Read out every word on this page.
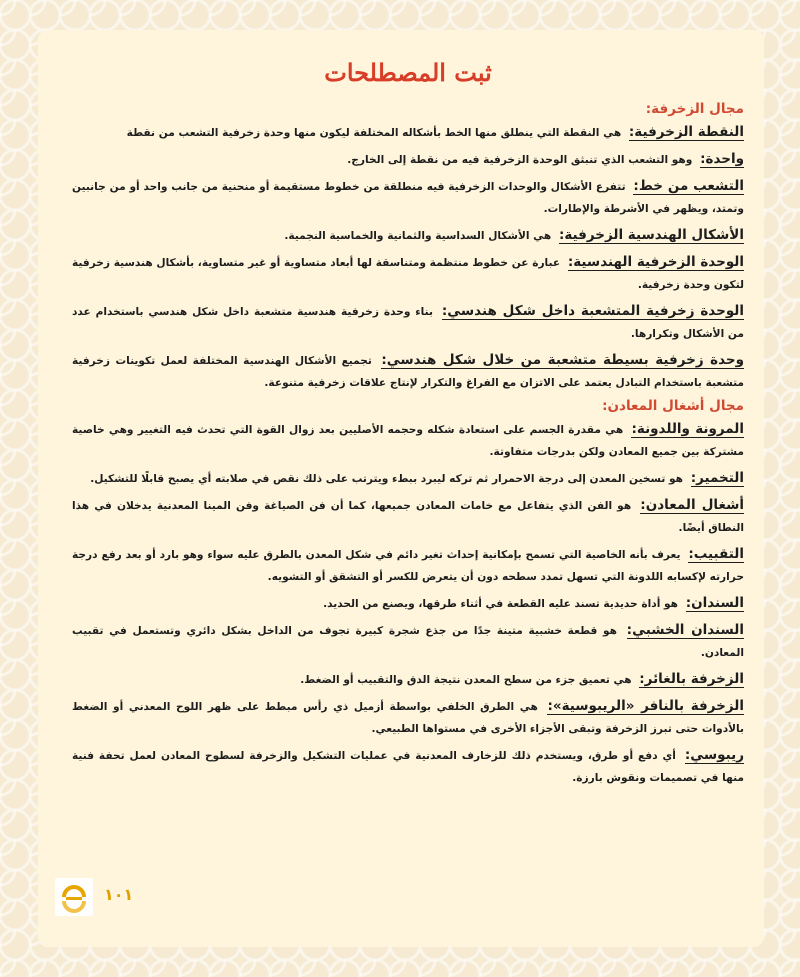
ثبت المصطلحات
مجال الزخرفة:

النقطة الزخرفية: هي النقطة التي ينطلق منها الخط بأشكاله المختلفة ليكون منها وحدة زخرفية التشعب من نقطة

واحدة: وهو التشعب الذي تنبثق الوحدة الزخرفية فيه من نقطة إلى الخارج.

التشعب من خط: تتفرع الأشكال والوحدات الزخرفية فيه منطلقة من خطوط مستقيمة أو منحنية من جانب واحد أو من جانبين وتمتد، ويظهر في الأشرطة والإطارات.

الأشكال الهندسية الزخرفية: هي الأشكال السداسية والثمانية والخماسية النجمية.

الوحدة الزخرفية الهندسية: عبارة عن خطوط منتظمة ومتناسقة لها أبعاد متساوية أو غير متساوية، بأشكال هندسية زخرفية لتكون وحدة زخرفية.

الوحدة زخرفية المتشعبة داخل شكل هندسي: بناء وحدة زخرفية هندسية متشعبة داخل شكل هندسي باستخدام عدد من الأشكال وتكرارها.

وحدة زخرفية بسيطة متشعبة من خلال شكل هندسي: تجميع الأشكال الهندسية المختلفة لعمل تكوينات زخرفية متشعبة باستخدام التبادل يعتمد على الاتزان مع الفراغ والتكرار لإنتاج علاقات زخرفية متنوعة.

مجال أشغال المعادن:

المرونة واللدونة: هي مقدرة الجسم على استعادة شكله وحجمه الأصليين بعد زوال القوة التي تحدث فيه التغيير وهي خاصية مشتركة بين جميع المعادن ولكن بدرجات متفاوتة.

التخمير: هو تسخين المعدن إلى درجة الاحمرار ثم تركه ليبرد ببطء ويترتب على ذلك نقص في صلابته أي يصبح قابلًا للتشكيل.

أشغال المعادن: هو الفن الذي يتفاعل مع خامات المعادن جميعها، كما أن فن الصياغة وفن المينا المعدنية يدخلان في هذا النطاق أيضًا.

التقبيب: يعرف بأنه الخاصية التي تسمح بإمكانية إحداث تغير دائم في شكل المعدن بالطرق عليه سواء وهو بارد أو بعد رفع درجة حرارته لإكسابه اللدونة التي تسهل تمدد سطحه دون أن يتعرض للكسر أو التشقق أو التشويه.

السندان: هو أداة حديدية تسند عليه القطعة في أثناء طرقها، ويصنع من الحديد.

السندان الخشبي: هو قطعة خشبية متينة جدًا من جذع شجرة كبيرة تجوف من الداخل بشكل دائري وتستعمل في تقبيب المعادن.

الزخرفة بالغائر: هي تعميق جزء من سطح المعدن نتيجة الدق والتقبيب أو الضغط.

الزخرفة بالنافر «الريبوسية»: هي الطرق الخلفي بواسطة أزميل ذي رأس مبطط على ظهر اللوح المعدني أو الضغط بالأدوات حتى تبرز الزخرفة وتبقى الأجزاء الأخرى في مستواها الطبيعي.

ريبوسي: أي دفع أو طرق، ويستخدم ذلك للزخارف المعدنية في عمليات التشكيل والزخرفة لسطوح المعادن لعمل تحفة فنية منها في تصميمات ونقوش بارزة.

١٠١
